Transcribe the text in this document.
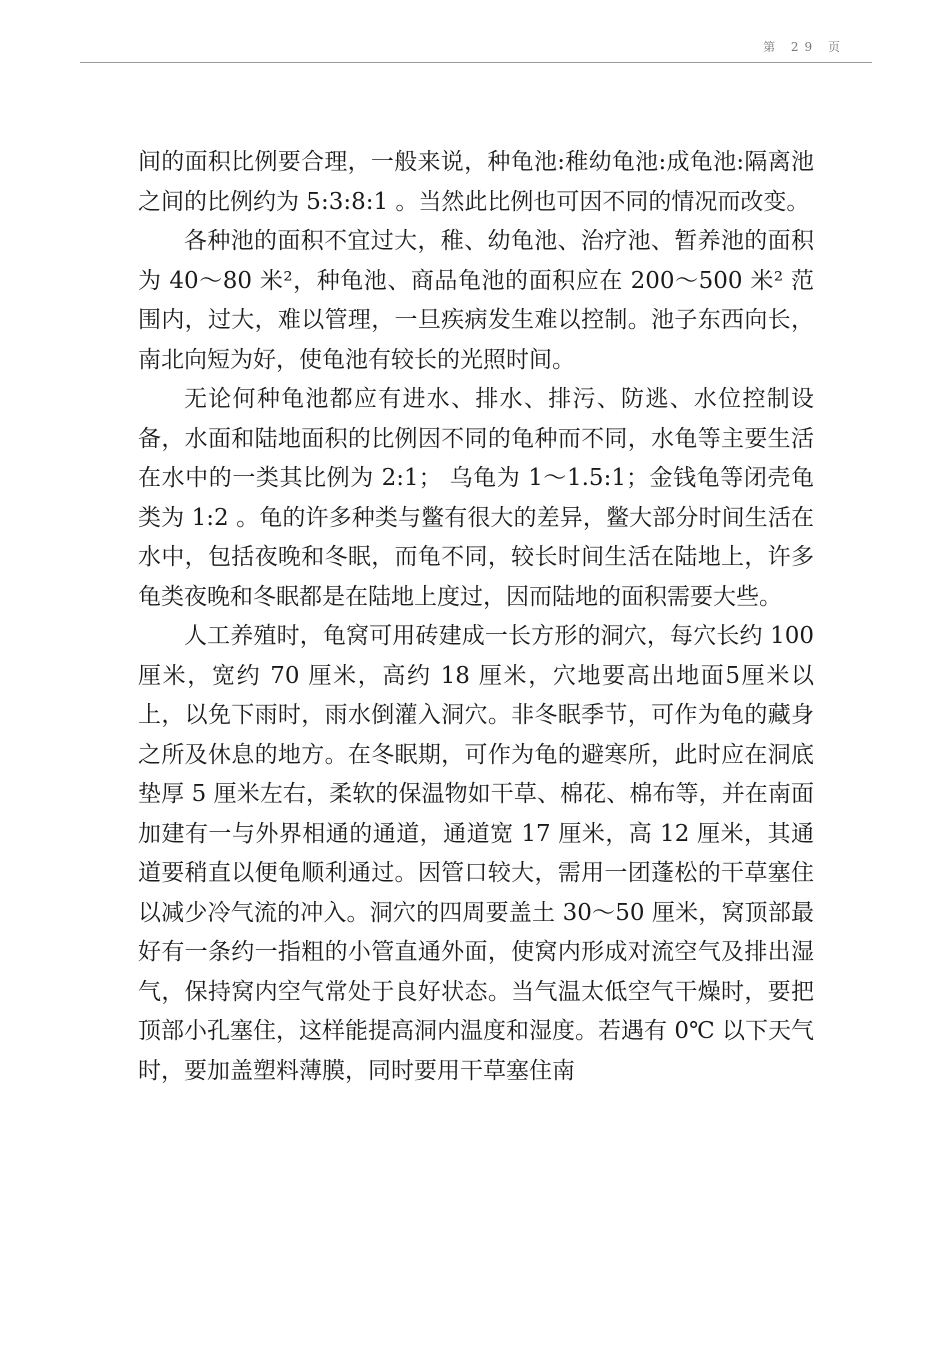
第 29 页

间的面积比例要合理，一般来说，种龟池:稚幼龟池:成龟池:隔离池之间的比例约为 5:3:8:1 。当然此比例也可因不同的情况而改变。

各种池的面积不宜过大，稚、幼龟池、治疗池、暂养池的面积为 40～80 米²，种龟池、商品龟池的面积应在 200～500 米² 范围内，过大，难以管理，一旦疾病发生难以控制。池子东西向长，南北向短为好，使龟池有较长的光照时间。

无论何种龟池都应有进水、排水、排污、防逃、水位控制设备，水面和陆地面积的比例因不同的龟种而不同，水龟等主要生活在水中的一类其比例为 2:1； 乌龟为 1～1.5:1；金钱龟等闭壳龟类为 1:2 。龟的许多种类与鳖有很大的差异，鳖大部分时间生活在水中，包括夜晚和冬眠，而龟不同，较长时间生活在陆地上，许多龟类夜晚和冬眠都是在陆地上度过，因而陆地的面积需要大些。

人工养殖时，龟窝可用砖建成一长方形的洞穴，每穴长约 100 厘米，宽约 70 厘米，高约 18 厘米，穴地要高出地面5厘米以上，以免下雨时，雨水倒灌入洞穴。非冬眠季节，可作为龟的藏身之所及休息的地方。在冬眠期，可作为龟的避寒所，此时应在洞底垫厚 5 厘米左右，柔软的保温物如干草、棉花、棉布等，并在南面加建有一与外界相通的通道，通道宽 17 厘米，高 12 厘米，其通道要稍直以便龟顺利通过。因管口较大，需用一团蓬松的干草塞住以减少冷气流的冲入。洞穴的四周要盖土 30～50 厘米，窝顶部最好有一条约一指粗的小管直通外面，使窝内形成对流空气及排出湿气，保持窝内空气常处于良好状态。当气温太低空气干燥时，要把顶部小孔塞住，这样能提高洞内温度和湿度。若遇有 0℃ 以下天气时，要加盖塑料薄膜，同时要用干草塞住南
